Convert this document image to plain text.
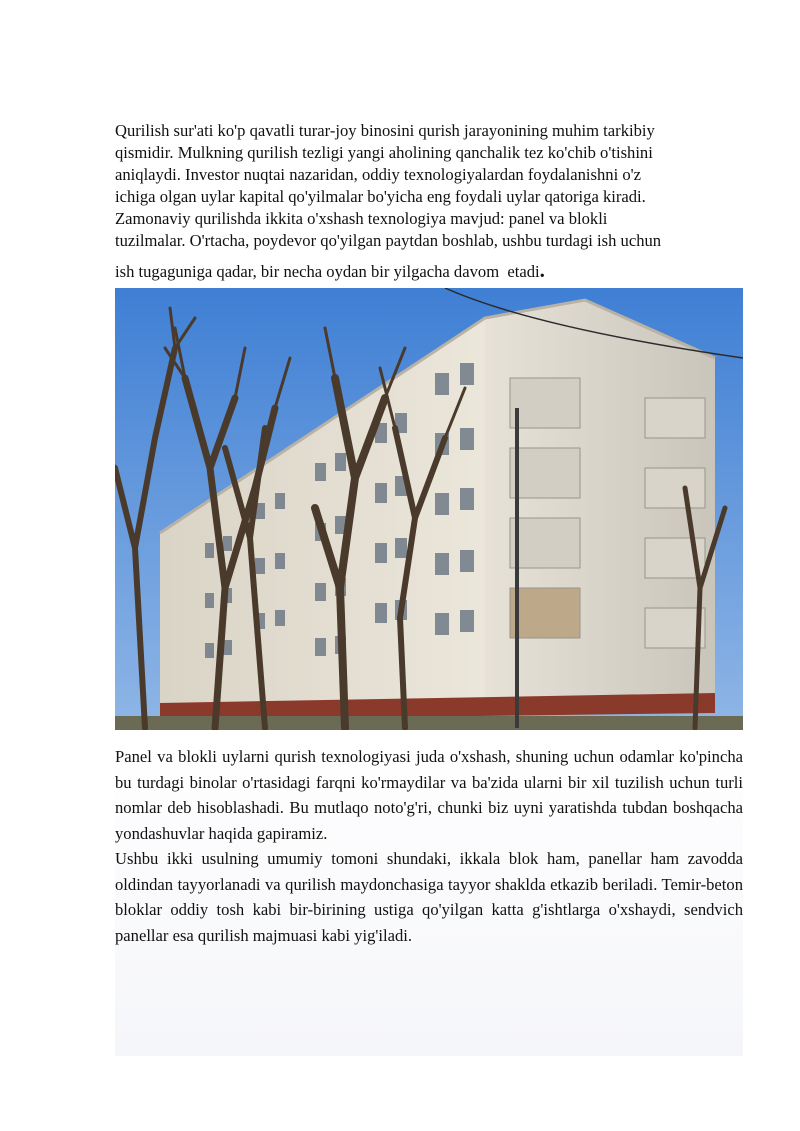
Qurilish sur'ati ko'p qavatli turar-joy binosini qurish jarayonining muhim tarkibiy
qismidir. Mulkning qurilish tezligi yangi aholining qanchalik tez ko'chib o'tishini
aniqlaydi. Investor nuqtai nazaridan, oddiy texnologiyalardan foydalanishni o'z
ichiga olgan uylar kapital qo'yilmalar bo'yicha eng foydali uylar qatoriga kiradi.
Zamonaviy qurilishda ikkita o'xshash texnologiya mavjud: panel va blokli
tuzilmalar. O'rtacha, poydevor qo'yilgan paytdan boshlab, ushbu turdagi ish uchun
ish tugaguniga qadar, bir necha oydan bir yilgacha davom  etadi.

Panel va blokli uylarni qurish texnologiyasi juda o'xshash, shuning uchun odamlar ko'pincha bu turdagi binolar o'rtasidagi farqni ko'rmaydilar va ba'zida ularni bir xil tuzilish uchun turli nomlar deb hisoblashadi. Bu mutlaqo noto'g'ri, chunki biz uyni yaratishda tubdan boshqacha yondashuvlar haqida gapiramiz.

Ushbu ikki usulning umumiy tomoni shundaki, ikkala blok ham, panellar ham zavodda oldindan tayyorlanadi va qurilish maydonchasiga tayyor shaklda etkazib beriladi. Temir-beton bloklar oddiy tosh kabi bir-birining ustiga qo'yilgan katta g'ishtlarga o'xshaydi, sendvich panellar esa qurilish majmuasi kabi yig'iladi.
